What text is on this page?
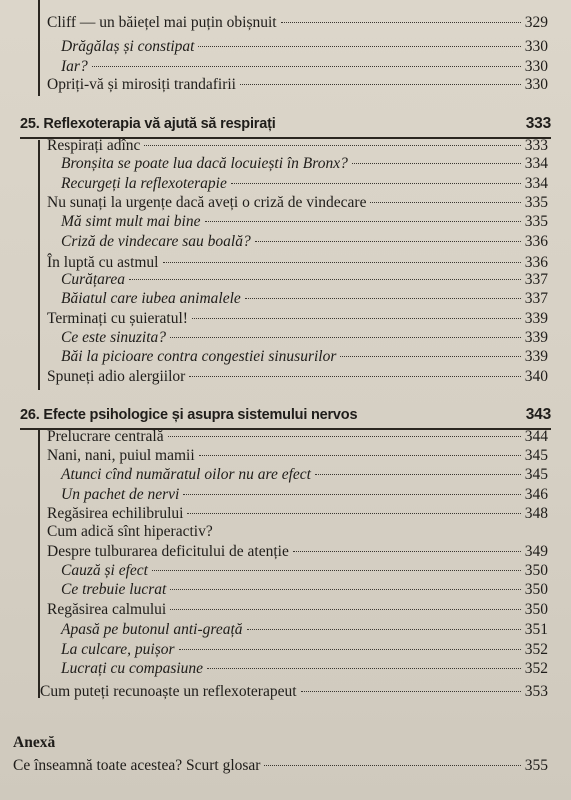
Cliff — un băiețel mai puțin obișnuit	329
Drăgălaș și constipat	330
Iar?	330
Opriți-vă și mirosiți trandafirii	330
25. Reflexoterapia vă ajută să respirați	333
Respirați adînc	333
Bronșita se poate lua dacă locuiești în Bronx?	334
Recurgeți la reflexoterapie	334
Nu sunați la urgențe dacă aveți o criză de vindecare	335
Mă simt mult mai bine	335
Criză de vindecare sau boală?	336
În luptă cu astmul	336
Curățarea	337
Băiatul care iubea animalele	337
Terminați cu șuieratul!	339
Ce este sinuzita?	339
Băi la picioare contra congestiei sinusurilor	339
Spuneți adio alergiilor	340
26. Efecte psihologice și asupra sistemului nervos	343
Prelucrare centrală	344
Nani, nani, puiul mamii	345
Atunci cînd număratul oilor nu are efect	345
Un pachet de nervi	346
Regăsirea echilibrului	348
Cum adică sînt hiperactiv?
Despre tulburarea deficitului de atenție	349
Cauză și efect	350
Ce trebuie lucrat	350
Regăsirea calmului	350
Apasă pe butonul anti-greață	351
La culcare, puișor	352
Lucrați cu compasiune	352
Cum puteți recunoaște un reflexoterapeut	353
Anexă
Ce înseamnă toate acestea? Scurt glosar	355
